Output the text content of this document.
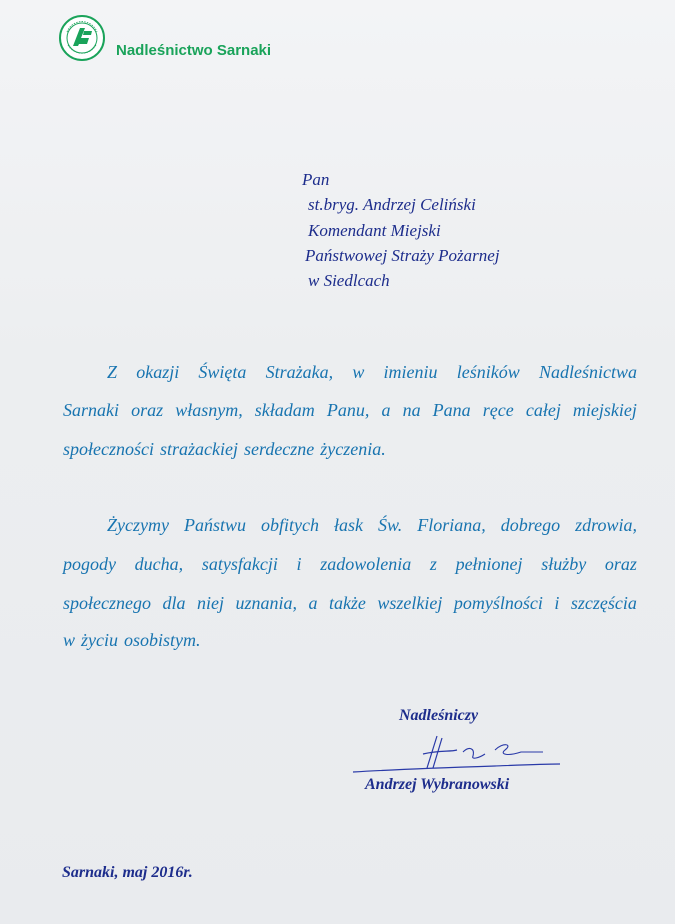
Nadleśnictwo Sarnaki
Pan
st.bryg. Andrzej Celiński
Komendant Miejski
Państwowej Straży Pożarnej
w Siedlcach
Z okazji Święta Strażaka, w imieniu leśników Nadleśnictwa
Sarnaki oraz własnym, składam Panu, a na Pana ręce całej miejskiej
społeczności strażackiej serdeczne życzenia.
Życzymy Państwu obfitych łask Św. Floriana, dobrego zdrowia,
pogody ducha, satysfakcji i zadowolenia z pełnionej służby oraz
społecznego dla niej uznania, a także wszelkiej pomyślności i szczęścia
w życiu osobistym.
Nadleśniczy
Andrzej Wybranowski
Sarnaki, maj 2016r.
